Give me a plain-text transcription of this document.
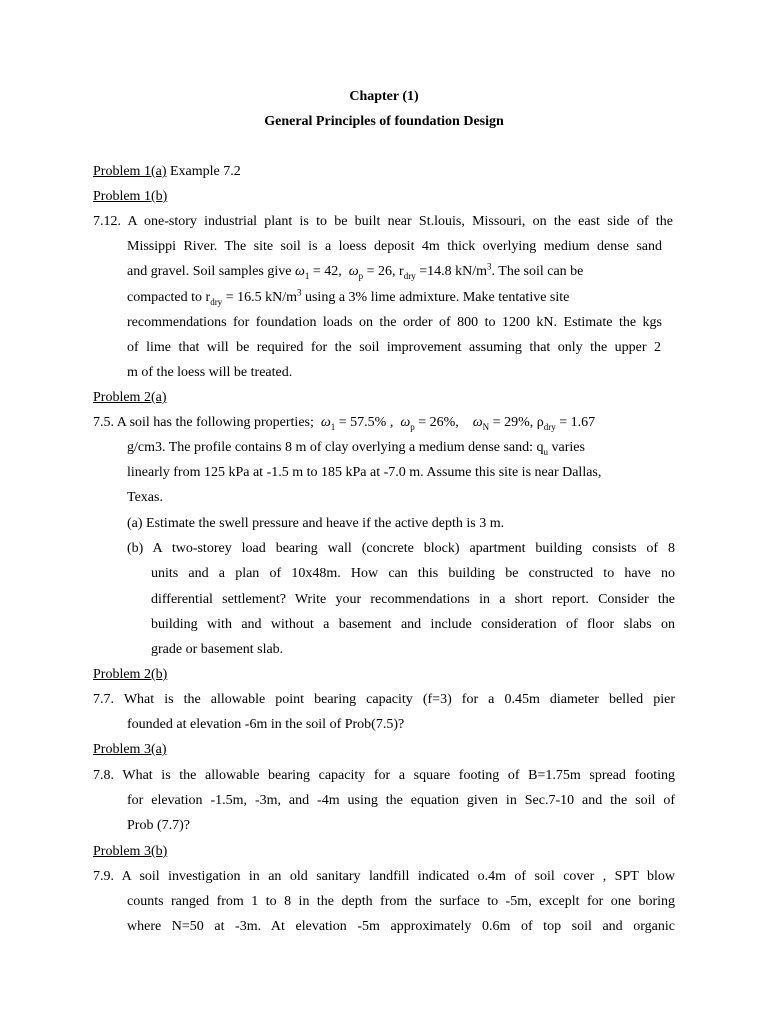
Chapter (1)
General Principles of foundation Design
Problem 1(a) Example 7.2
Problem 1(b)
7.12. A one-story industrial plant is to be built near St.louis, Missouri, on the east side of the
Missippi River. The site soil is a loess deposit 4m thick overlying medium dense sand
and gravel. Soil samples give $\omega_1 = 42$, $\omega_p = 26$, $r_{dry} =14.8$ $kN/m^3$. The soil can be
compacted to $r_{dry} = 16.5$ $kN/m^3$ using a 3% lime admixture. Make tentative site
recommendations for foundation loads on the order of 800 to 1200 kN. Estimate the kgs
of lime that will be required for the soil improvement assuming that only the upper 2
m of the loess will be treated.
Problem 2(a)
7.5. A soil has the following properties; $\omega_1 = 57.5\%$ , $\omega_p = 26\%$, $\omega_N = 29\%$, $\rho_{dry} = 1.67$
g/cm3. The profile contains 8 m of clay overlying a medium dense sand: $q_u$ varies
linearly from 125 kPa at -1.5 m to 185 kPa at -7.0 m. Assume this site is near Dallas,
Texas.
(a) Estimate the swell pressure and heave if the active depth is 3 m.
(b) A two-storey load bearing wall (concrete block) apartment building consists of 8
units and a plan of 10x48m. How can this building be constructed to have no
differential settlement? Write your recommendations in a short report. Consider the
building with and without a basement and include consideration of floor slabs on
grade or basement slab.
Problem 2(b)
7.7. What is the allowable point bearing capacity (f=3) for a 0.45m diameter belled pier
founded at elevation -6m in the soil of Prob(7.5)?
Problem 3(a)
7.8. What is the allowable bearing capacity for a square footing of B=1.75m spread footing
for elevation -1.5m, -3m, and -4m using the equation given in Sec.7-10 and the soil of
Prob (7.7)?
Problem 3(b)
7.9. A soil investigation in an old sanitary landfill indicated o.4m of soil cover , SPT blow
counts ranged from 1 to 8 in the depth from the surface to -5m, exceplt for one boring
where N=50 at -3m. At elevation -5m approximately 0.6m of top soil and organic
